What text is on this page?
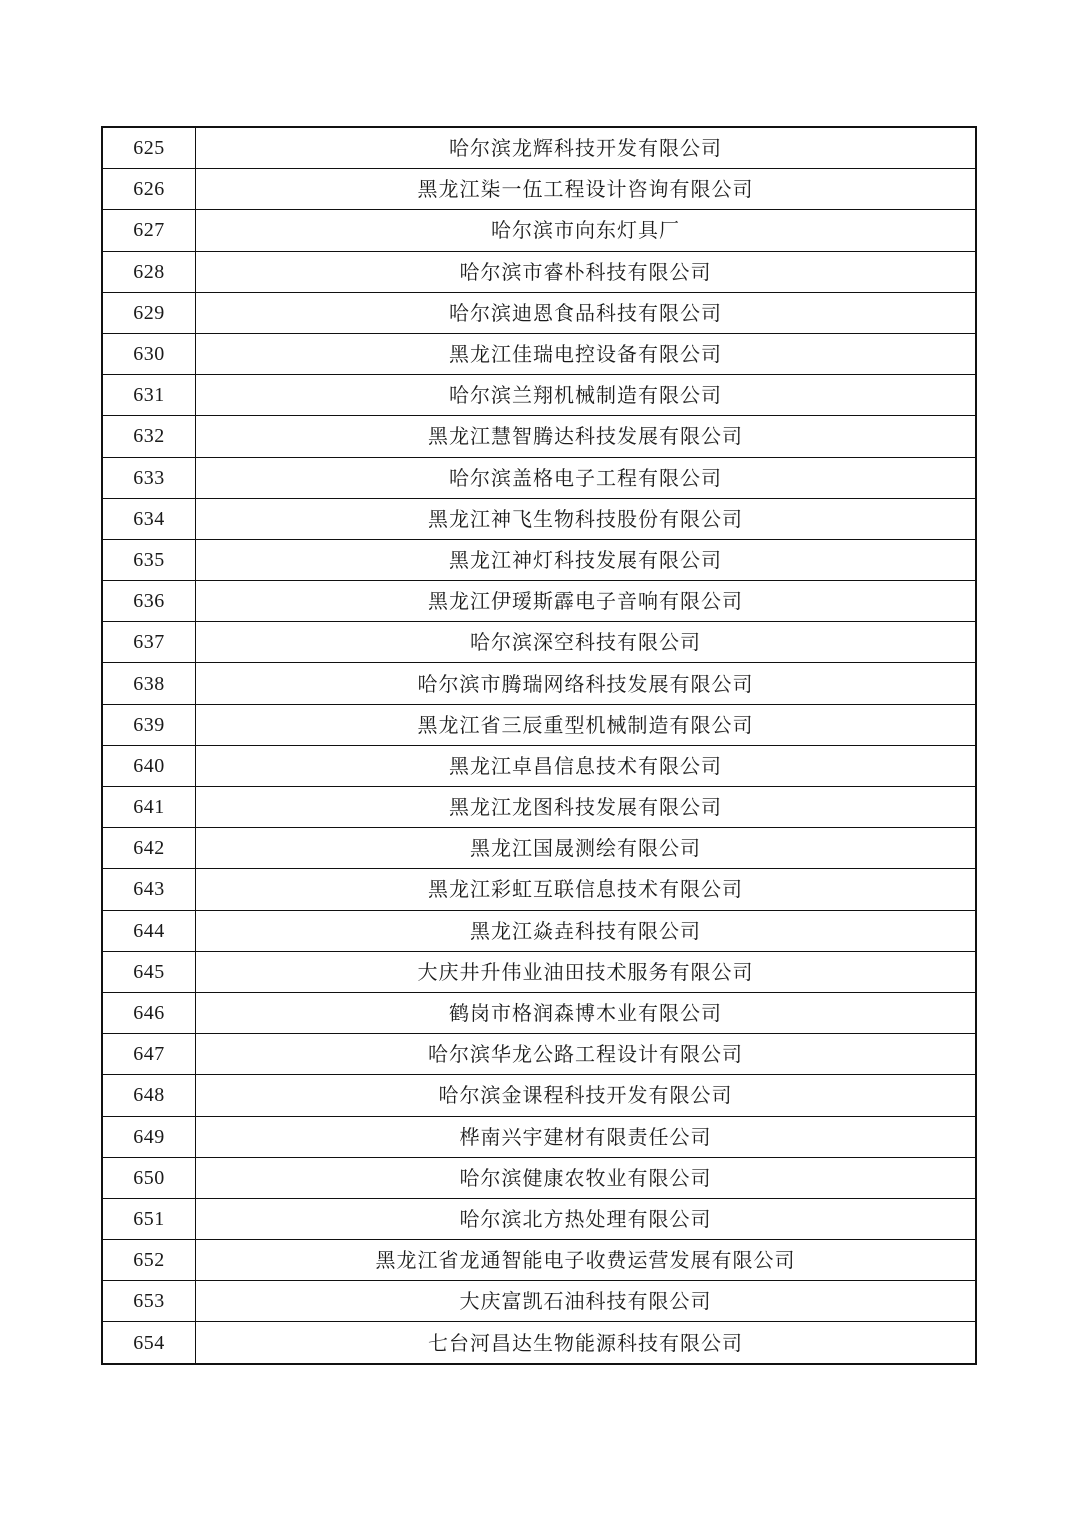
625	哈尔滨龙辉科技开发有限公司
626	黑龙江柒一伍工程设计咨询有限公司
627	哈尔滨市向东灯具厂
628	哈尔滨市睿朴科技有限公司
629	哈尔滨迪恩食品科技有限公司
630	黑龙江佳瑞电控设备有限公司
631	哈尔滨兰翔机械制造有限公司
632	黑龙江慧智腾达科技发展有限公司
633	哈尔滨盖格电子工程有限公司
634	黑龙江神飞生物科技股份有限公司
635	黑龙江神灯科技发展有限公司
636	黑龙江伊瑷斯霹电子音响有限公司
637	哈尔滨深空科技有限公司
638	哈尔滨市腾瑞网络科技发展有限公司
639	黑龙江省三辰重型机械制造有限公司
640	黑龙江卓昌信息技术有限公司
641	黑龙江龙图科技发展有限公司
642	黑龙江国晟测绘有限公司
643	黑龙江彩虹互联信息技术有限公司
644	黑龙江焱垚科技有限公司
645	大庆井升伟业油田技术服务有限公司
646	鹤岗市格润森博木业有限公司
647	哈尔滨华龙公路工程设计有限公司
648	哈尔滨金课程科技开发有限公司
649	桦南兴宇建材有限责任公司
650	哈尔滨健康农牧业有限公司
651	哈尔滨北方热处理有限公司
652	黑龙江省龙通智能电子收费运营发展有限公司
653	大庆富凯石油科技有限公司
654	七台河昌达生物能源科技有限公司
